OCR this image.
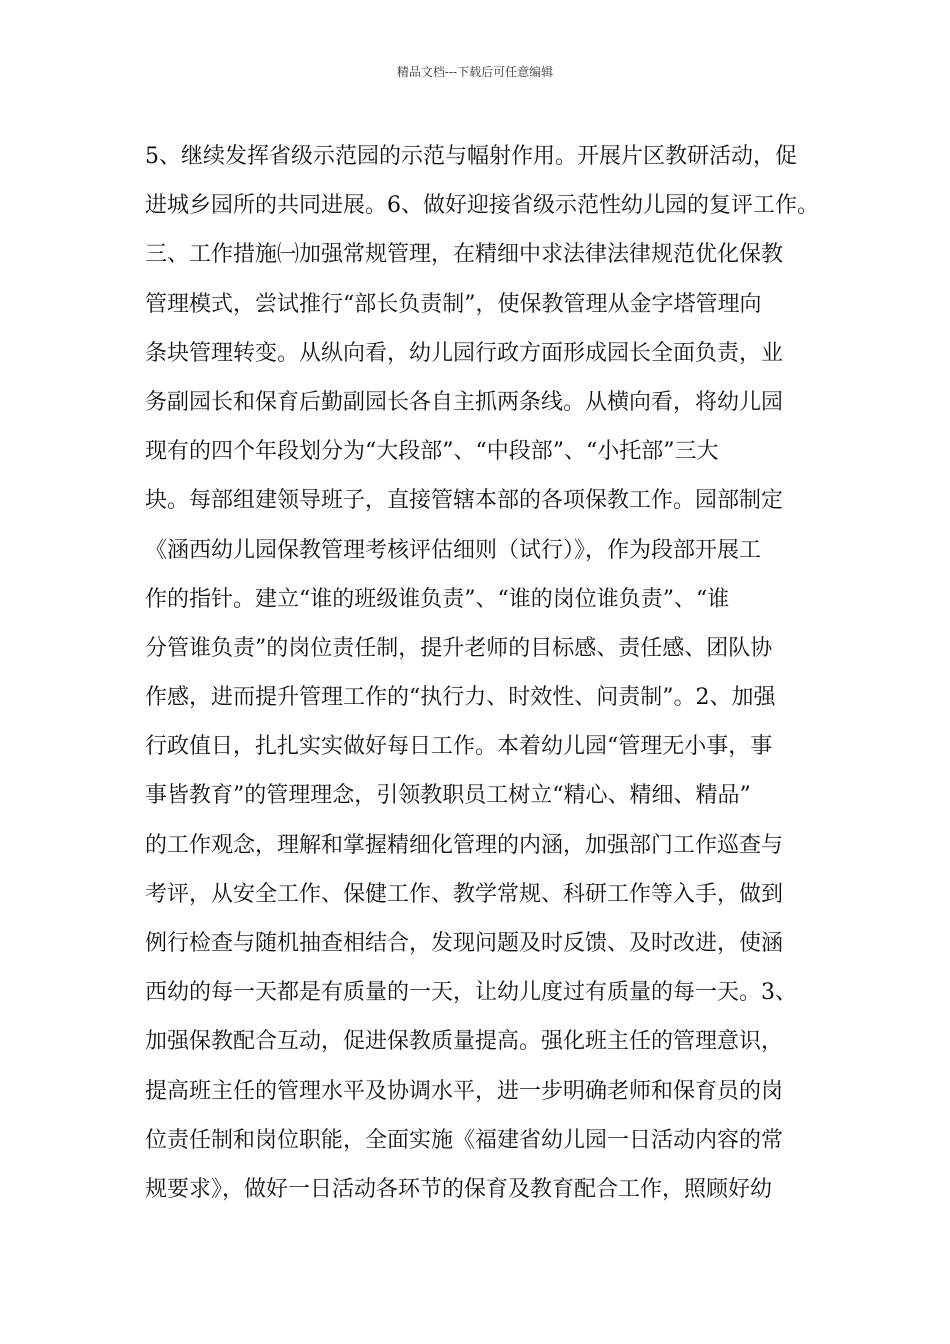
精品文档---下载后可任意编辑
5、继续发挥省级示范园的示范与幅射作用。开展片区教研活动，促
进城乡园所的共同进展。6、做好迎接省级示范性幼儿园的复评工作。
三、工作措施㈠加强常规管理，在精细中求法律法律规范优化保教
管理模式，尝试推行“部长负责制”，使保教管理从金字塔管理向
条块管理转变。从纵向看，幼儿园行政方面形成园长全面负责，业
务副园长和保育后勤副园长各自主抓两条线。从横向看，将幼儿园
现有的四个年段划分为“大段部”、“中段部”、“小托部”三大
块。每部组建领导班子，直接管辖本部的各项保教工作。园部制定
《涵西幼儿园保教管理考核评估细则（试行）》，作为段部开展工
作的指针。建立“谁的班级谁负责”、“谁的岗位谁负责”、“谁
分管谁负责”的岗位责任制，提升老师的目标感、责任感、团队协
作感，进而提升管理工作的“执行力、时效性、问责制”。2、加强
行政值日，扎扎实实做好每日工作。本着幼儿园“管理无小事，事
事皆教育”的管理理念，引领教职员工树立“精心、精细、精品”
的工作观念，理解和掌握精细化管理的内涵，加强部门工作巡查与
考评，从安全工作、保健工作、教学常规、科研工作等入手，做到
例行检查与随机抽查相结合，发现问题及时反馈、及时改进，使涵
西幼的每一天都是有质量的一天，让幼儿度过有质量的每一天。3、
加强保教配合互动，促进保教质量提高。强化班主任的管理意识，
提高班主任的管理水平及协调水平，进一步明确老师和保育员的岗
位责任制和岗位职能，全面实施《福建省幼儿园一日活动内容的常
规要求》，做好一日活动各环节的保育及教育配合工作，照顾好幼
